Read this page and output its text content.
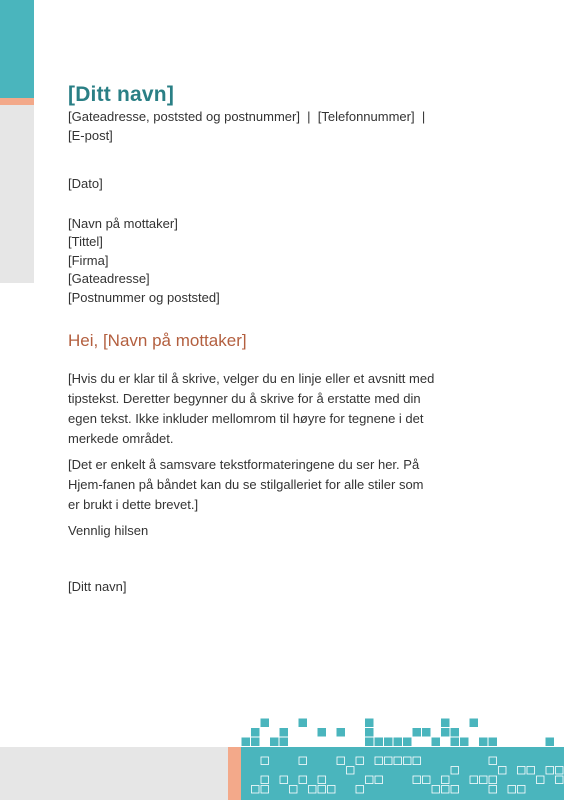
[Ditt navn]
[Gateadresse, poststed og postnummer]  |  [Telefonnummer]  |
[E-post]
[Dato]
[Navn på mottaker]
[Tittel]
[Firma]
[Gateadresse]
[Postnummer og poststed]
Hei, [Navn på mottaker]
[Hvis du er klar til å skrive, velger du en linje eller et avsnitt med tipstekst. Deretter begynner du å skrive for å erstatte med din egen tekst. Ikke inkluder mellomrom til høyre for tegnene i det merkede området.
[Det er enkelt å samsvare tekstformateringene du ser her. På Hjem-fanen på båndet kan du se stilgalleriet for alle stiler som er brukt i dette brevet.]
Vennlig hilsen
[Ditt navn]
